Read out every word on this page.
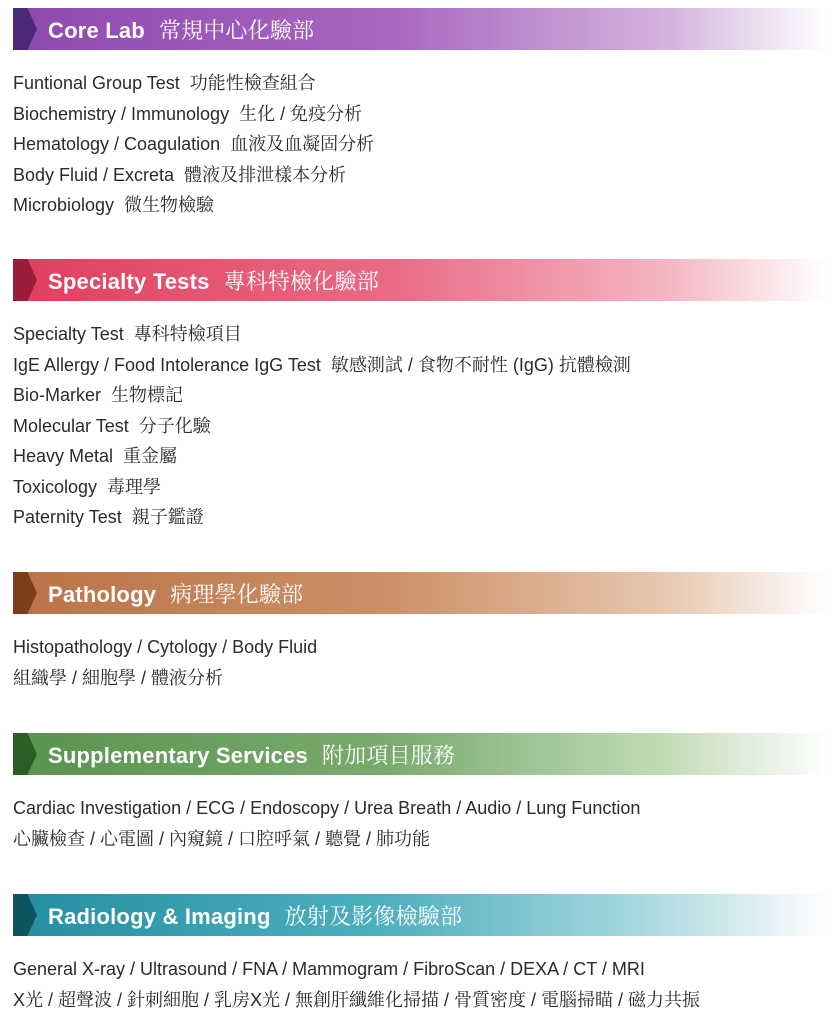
Core Lab 常規中心化驗部
Funtional Group Test 功能性檢查組合
Biochemistry / Immunology 生化 / 免疫分析
Hematology / Coagulation 血液及血凝固分析
Body Fluid / Excreta 體液及排泄樣本分析
Microbiology 微生物檢驗
Specialty Tests 專科特檢化驗部
Specialty Test 專科特檢項目
IgE Allergy / Food Intolerance IgG Test 敏感測試 / 食物不耐性 (IgG) 抗體檢測
Bio-Marker 生物標記
Molecular Test 分子化驗
Heavy Metal 重金屬
Toxicology 毒理學
Paternity Test 親子鑑證
Pathology 病理學化驗部
Histopathology / Cytology / Body Fluid
組織學 / 細胞學 / 體液分析
Supplementary Services 附加項目服務
Cardiac Investigation / ECG / Endoscopy / Urea Breath / Audio / Lung Function
心臟檢查 / 心電圖 / 內窺鏡 / 口腔呼氣 / 聽覺 / 肺功能
Radiology & Imaging 放射及影像檢驗部
General X-ray / Ultrasound / FNA / Mammogram / FibroScan / DEXA / CT / MRI
X光 / 超聲波 / 針刺細胞 / 乳房X光 / 無創肝纖維化掃描 / 骨質密度 / 電腦掃瞄 / 磁力共振
